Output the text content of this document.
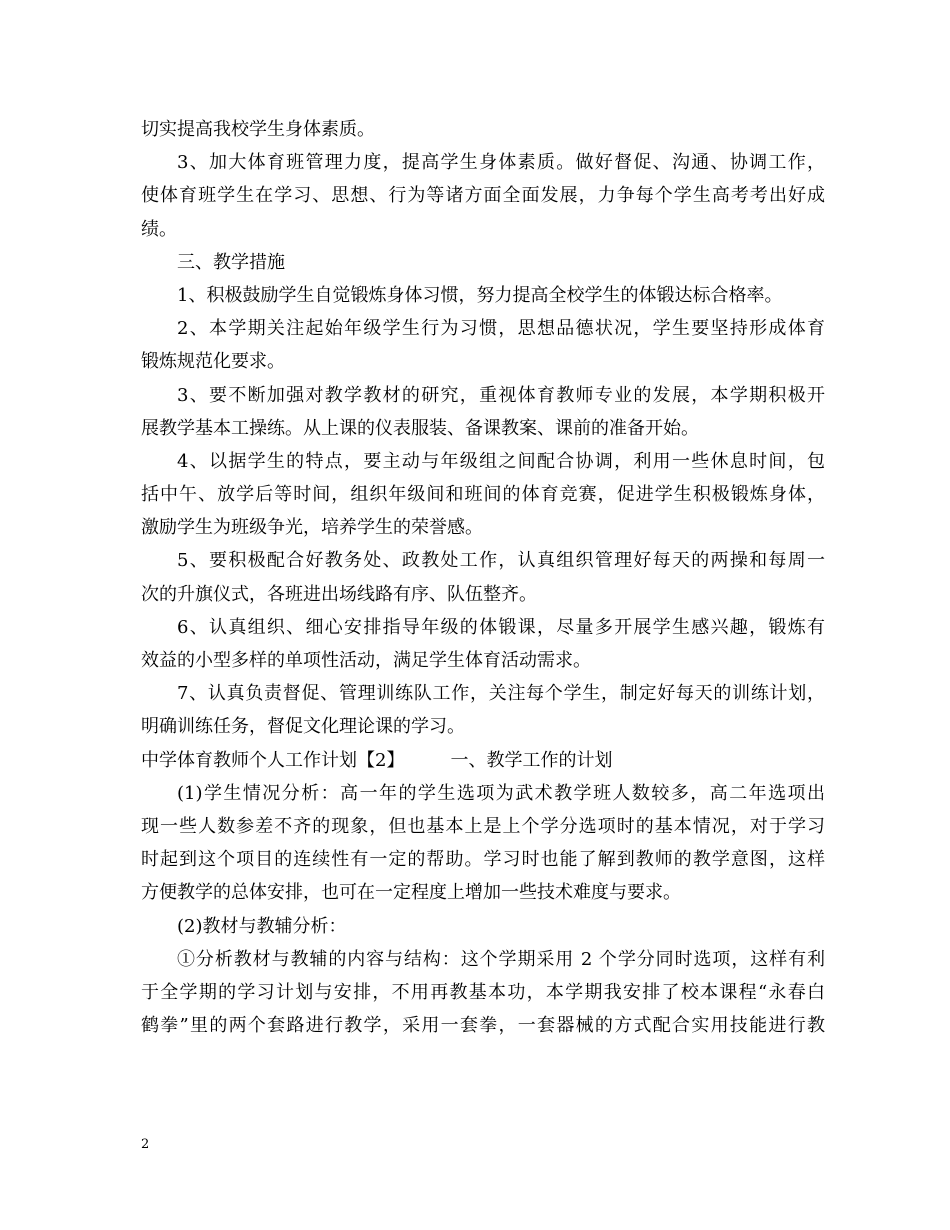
切实提高我校学生身体素质。
3、加大体育班管理力度，提高学生身体素质。做好督促、沟通、协调工作，
使体育班学生在学习、思想、行为等诸方面全面发展，力争每个学生高考考出好成
绩。
三、教学措施
1、积极鼓励学生自觉锻炼身体习惯，努力提高全校学生的体锻达标合格率。
2、本学期关注起始年级学生行为习惯，思想品德状况，学生要坚持形成体育
锻炼规范化要求。
3、要不断加强对教学教材的研究，重视体育教师专业的发展，本学期积极开
展教学基本工操练。从上课的仪表服装、备课教案、课前的准备开始。
4、以据学生的特点，要主动与年级组之间配合协调，利用一些休息时间，包
括中午、放学后等时间，组织年级间和班间的体育竞赛，促进学生积极锻炼身体，
激励学生为班级争光，培养学生的荣誉感。
5、要积极配合好教务处、政教处工作，认真组织管理好每天的两操和每周一
次的升旗仪式，各班进出场线路有序、队伍整齐。
6、认真组织、细心安排指导年级的体锻课，尽量多开展学生感兴趣，锻炼有
效益的小型多样的单项性活动，满足学生体育活动需求。
7、认真负责督促、管理训练队工作，关注每个学生，制定好每天的训练计划，
明确训练任务，督促文化理论课的学习。
中学体育教师个人工作计划【2】	一、教学工作的计划
(1)学生情况分析：高一年的学生选项为武术教学班人数较多，高二年选项出
现一些人数参差不齐的现象，但也基本上是上个学分选项时的基本情况，对于学习
时起到这个项目的连续性有一定的帮助。学习时也能了解到教师的教学意图，这样
方便教学的总体安排，也可在一定程度上增加一些技术难度与要求。
(2)教材与教辅分析：
①分析教材与教辅的内容与结构：这个学期采用 2 个学分同时选项，这样有利
于全学期的学习计划与安排，不用再教基本功，本学期我安排了校本课程“永春白
鹤拳”里的两个套路进行教学，采用一套拳，一套器械的方式配合实用技能进行教
2
